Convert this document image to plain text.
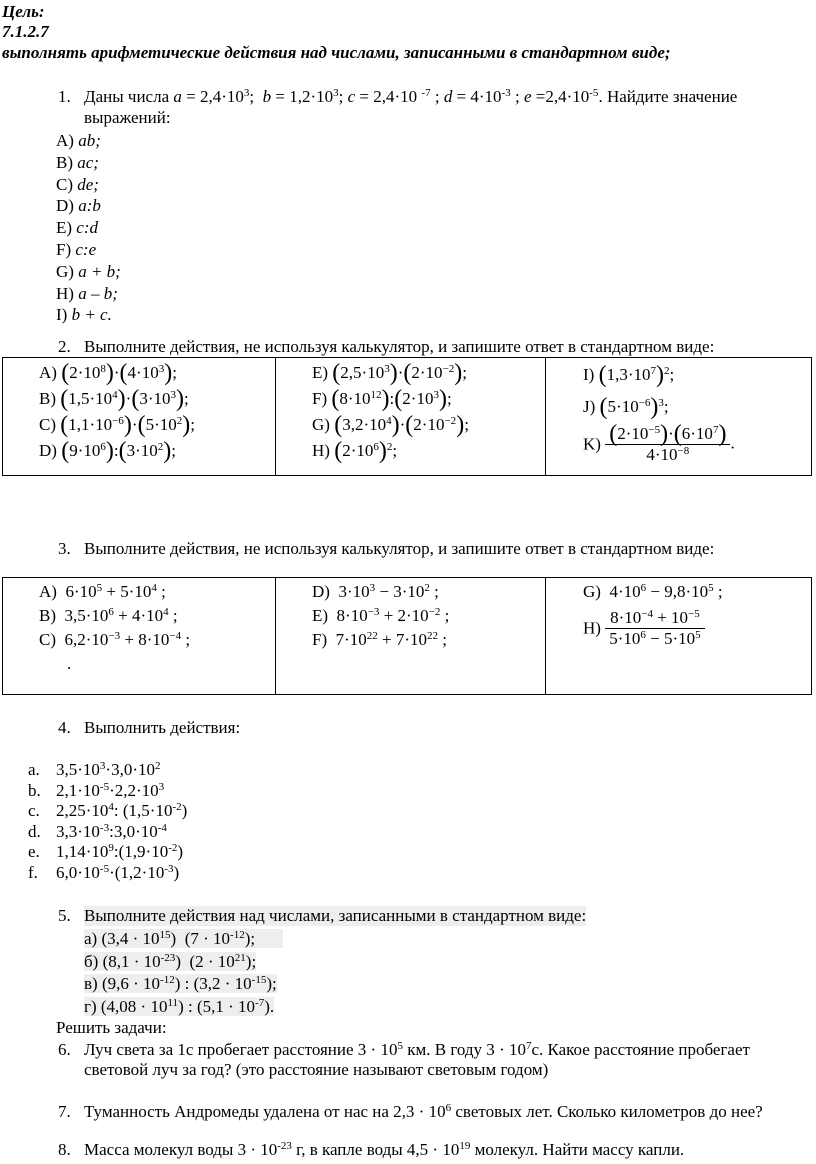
Цель:
7.1.2.7
выполнять арифметические действия над числами, записанными в стандартном виде;
1. Даны числа $a = 2,4\cdot 10^3$;  $b = 1,2\cdot 10^3$; c = 2,4·10 $^{-7}$ ; $d = 4\cdot 10^{-3}$ ; $e =2,4\cdot 10^{-5}$. Найдите значение
выражений:
A) ab;
B) ac;
C) de;
D) a:b
E) c:d
F) c:e
G) a + b;
H) a – b;
I) b + c.
2. Выполните действия, не используя калькулятор, и запишите ответ в стандартном виде:
A) $(2\cdot 10^8)\cdot(4\cdot 10^3)$;
B) $(1,5\cdot 10^4)\cdot(3\cdot 10^3)$;
C) $(1,1\cdot 10^{-6})\cdot(5\cdot 10^2)$;
D) $(9\cdot 10^6):(3\cdot 10^2)$;
E) $(2,5\cdot 10^3)\cdot(2\cdot 10^{-2})$;
F) $(8\cdot 10^{12}):(2\cdot 10^3)$;
G) $(3,2\cdot 10^4)\cdot(2\cdot 10^{-2})$;
H) $(2\cdot 10^6)^2$;
I) $(1,3\cdot 10^7)^2$;
J) $(5\cdot 10^{-6})^3$;
$K) \frac{(2\cdot 10^{-5})\cdot(6\cdot 10^7)}{4\cdot 10^{-8}}$ .
3. Выполните действия, не используя калькулятор, и запишите ответ в стандартном виде:
A)  $6\cdot 10^5 + 5\cdot 10^4$ ;
B)  $3,5\cdot 10^6 + 4\cdot 10^4$ ;
C)  $6,2\cdot 10^{-3} + 8\cdot 10^{-4}$ ;
.
D)  $3\cdot 10^3 - 3\cdot 10^2$ ;
E)  $8\cdot 10^{-3} + 2\cdot 10^{-2}$ ;
F)  $7\cdot 10^{22} + 7\cdot 10^{22}$ ;
G)  $4\cdot 10^6 - 9,8\cdot 10^5$ ;
$H) \frac{8\cdot 10^{-4} + 10^{-5}}{5\cdot 10^6 - 5\cdot 10^5}$
4. Выполнить действия:
a. $3,5\cdot 10^3\cdot 3,0\cdot 10^2$
b. $2,1\cdot 10^{-5}\cdot 2,2\cdot 10^3$
c. $2,25\cdot 10^4$: $(1,5\cdot 10^{-2})$
d. $3,3\cdot 10^{-3}:3,0\cdot 10^{-4}$
e. $1,14\cdot 10^9:(1,9\cdot 10^{-2})$
f. $6,0\cdot 10^{-5}\cdot(1,2\cdot 10^{-3})$
5. Выполните действия над числами, записанными в стандартном виде:
а) $(3,4 \cdot 10^{15})$  $(7 \cdot 10^{-12})$;
б) $(8,1 \cdot 10^{-23})$  $(2 \cdot 10^{21})$;
в) $(9,6 \cdot 10^{-12})$ : $(3,2 \cdot 10^{-15})$;
г) $(4,08 \cdot 10^{11})$ : $(5,1 \cdot 10^{-7})$.
Решить задачи:
6. Луч света за 1с пробегает расстояние $3 \cdot 10^5$ км. В году $3 \cdot 10^7с$. Какое расстояние пробегает
световой луч за год? (это расстояние называют световым годом)
7. Туманность Андромеды удалена от нас на $2,3 \cdot 10^6$ световых лет. Сколько километров до нее?
8. Масса молекул воды $3 \cdot 10^{-23}$ г, в капле воды $4,5 \cdot 10^{19}$ молекул. Найти массу капли.
